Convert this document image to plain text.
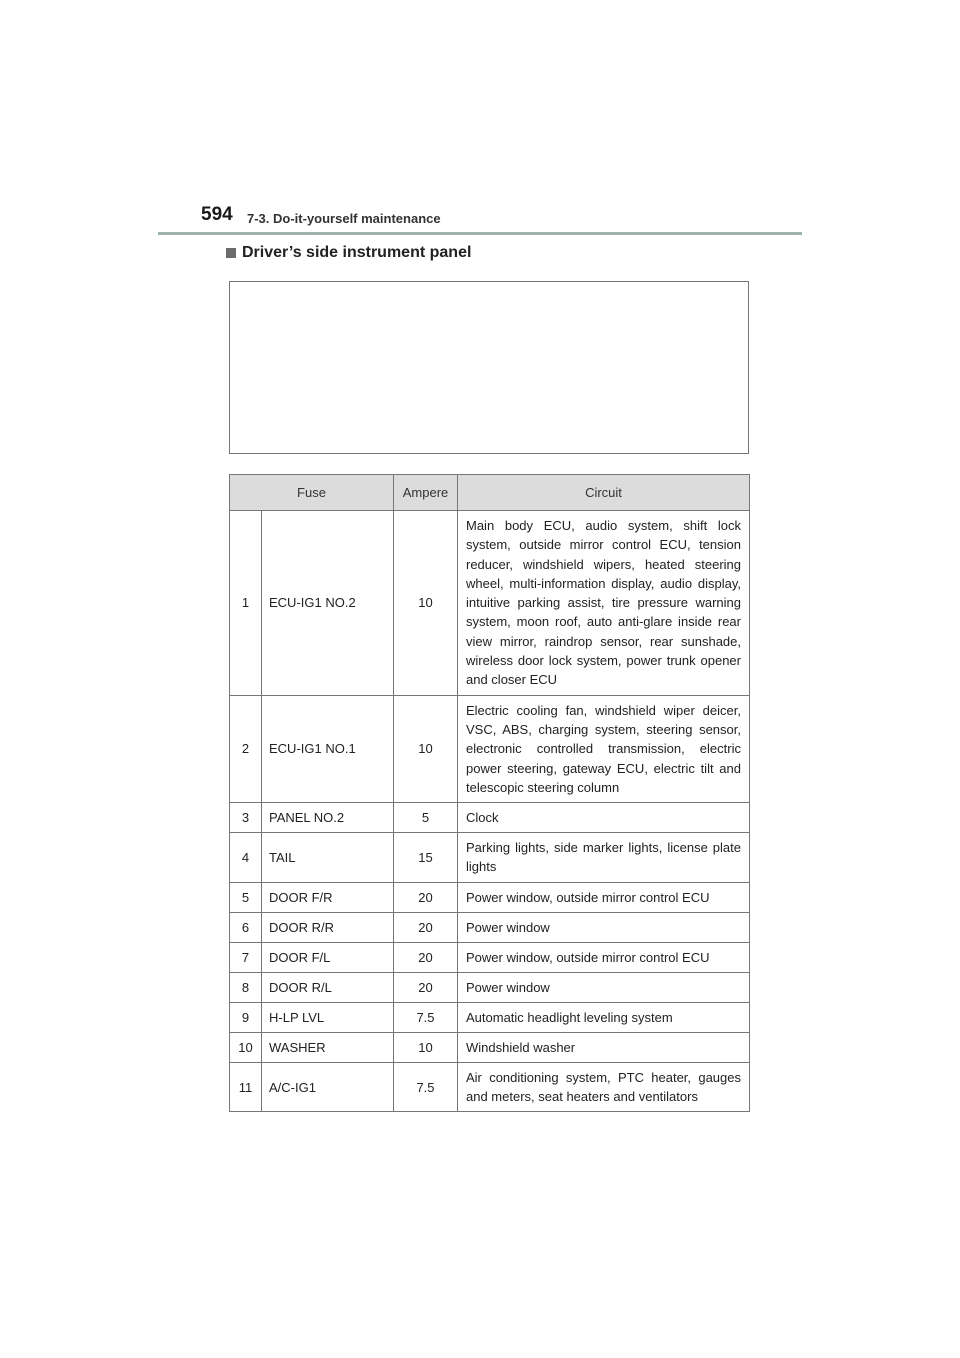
594 7-3. Do-it-yourself maintenance
Driver’s side instrument panel
Fuse		Ampere	Circuit
1	ECU-IG1 NO.2	10	Main body ECU, audio system, shift lock system, outside mirror control ECU, tension reducer, windshield wipers, heated steering wheel, multi-information display, audio display, intuitive parking assist, tire pressure warning system, moon roof, auto anti-glare inside rear view mirror, raindrop sensor, rear sunshade, wireless door lock system, power trunk opener and closer ECU
2	ECU-IG1 NO.1	10	Electric cooling fan, windshield wiper deicer, VSC, ABS, charging system, steering sensor, electronic controlled transmission, electric power steering, gateway ECU, electric tilt and telescopic steering column
3	PANEL NO.2	5	Clock
4	TAIL	15	Parking lights, side marker lights, license plate lights
5	DOOR F/R	20	Power window, outside mirror control ECU
6	DOOR R/R	20	Power window
7	DOOR F/L	20	Power window, outside mirror control ECU
8	DOOR R/L	20	Power window
9	H-LP LVL	7.5	Automatic headlight leveling system
10	WASHER	10	Windshield washer
11	A/C-IG1	7.5	Air conditioning system, PTC heater, gauges and meters, seat heaters and ventilators
